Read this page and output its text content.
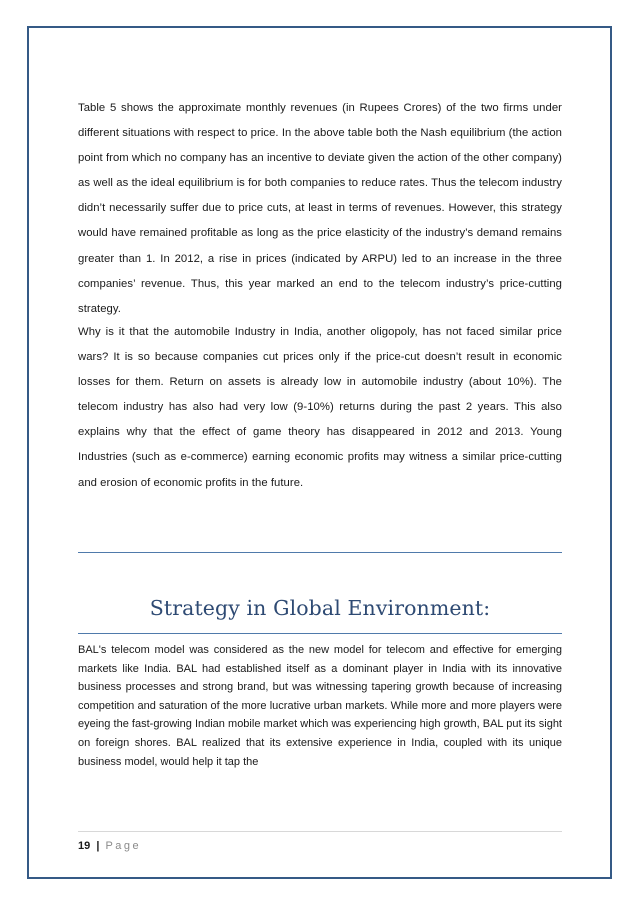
Table 5 shows the approximate monthly revenues (in Rupees Crores) of the two firms under different situations with respect to price. In the above table both the Nash equilibrium (the action point from which no company has an incentive to deviate given the action of the other company) as well as the ideal equilibrium is for both companies to reduce rates. Thus the telecom industry didn’t necessarily suffer due to price cuts, at least in terms of revenues. However, this strategy would have remained profitable as long as the price elasticity of the industry’s demand remains greater than 1. In 2012, a rise in prices (indicated by ARPU) led to an increase in the three companies’ revenue. Thus, this year marked an end to the telecom industry’s price-cutting strategy.

Why is it that the automobile Industry in India, another oligopoly, has not faced similar price wars? It is so because companies cut prices only if the price-cut doesn’t result in economic losses for them. Return on assets is already low in automobile industry (about 10%). The telecom industry has also had very low (9-10%) returns during the past 2 years. This also explains why that the effect of game theory has disappeared in 2012 and 2013. Young Industries (such as e-commerce) earning economic profits may witness a similar price-cutting and erosion of economic profits in the future.

Strategy in Global Environment:

BAL's telecom model was considered as the new model for telecom and effective for emerging markets like India. BAL had established itself as a dominant player in India with its innovative business processes and strong brand, but was witnessing tapering growth because of increasing competition and saturation of the more lucrative urban markets. While more and more players were eyeing the fast-growing Indian mobile market which was experiencing high growth, BAL put its sight on foreign shores. BAL realized that its extensive experience in India, coupled with its unique business model, would help it tap the

19 | Page
